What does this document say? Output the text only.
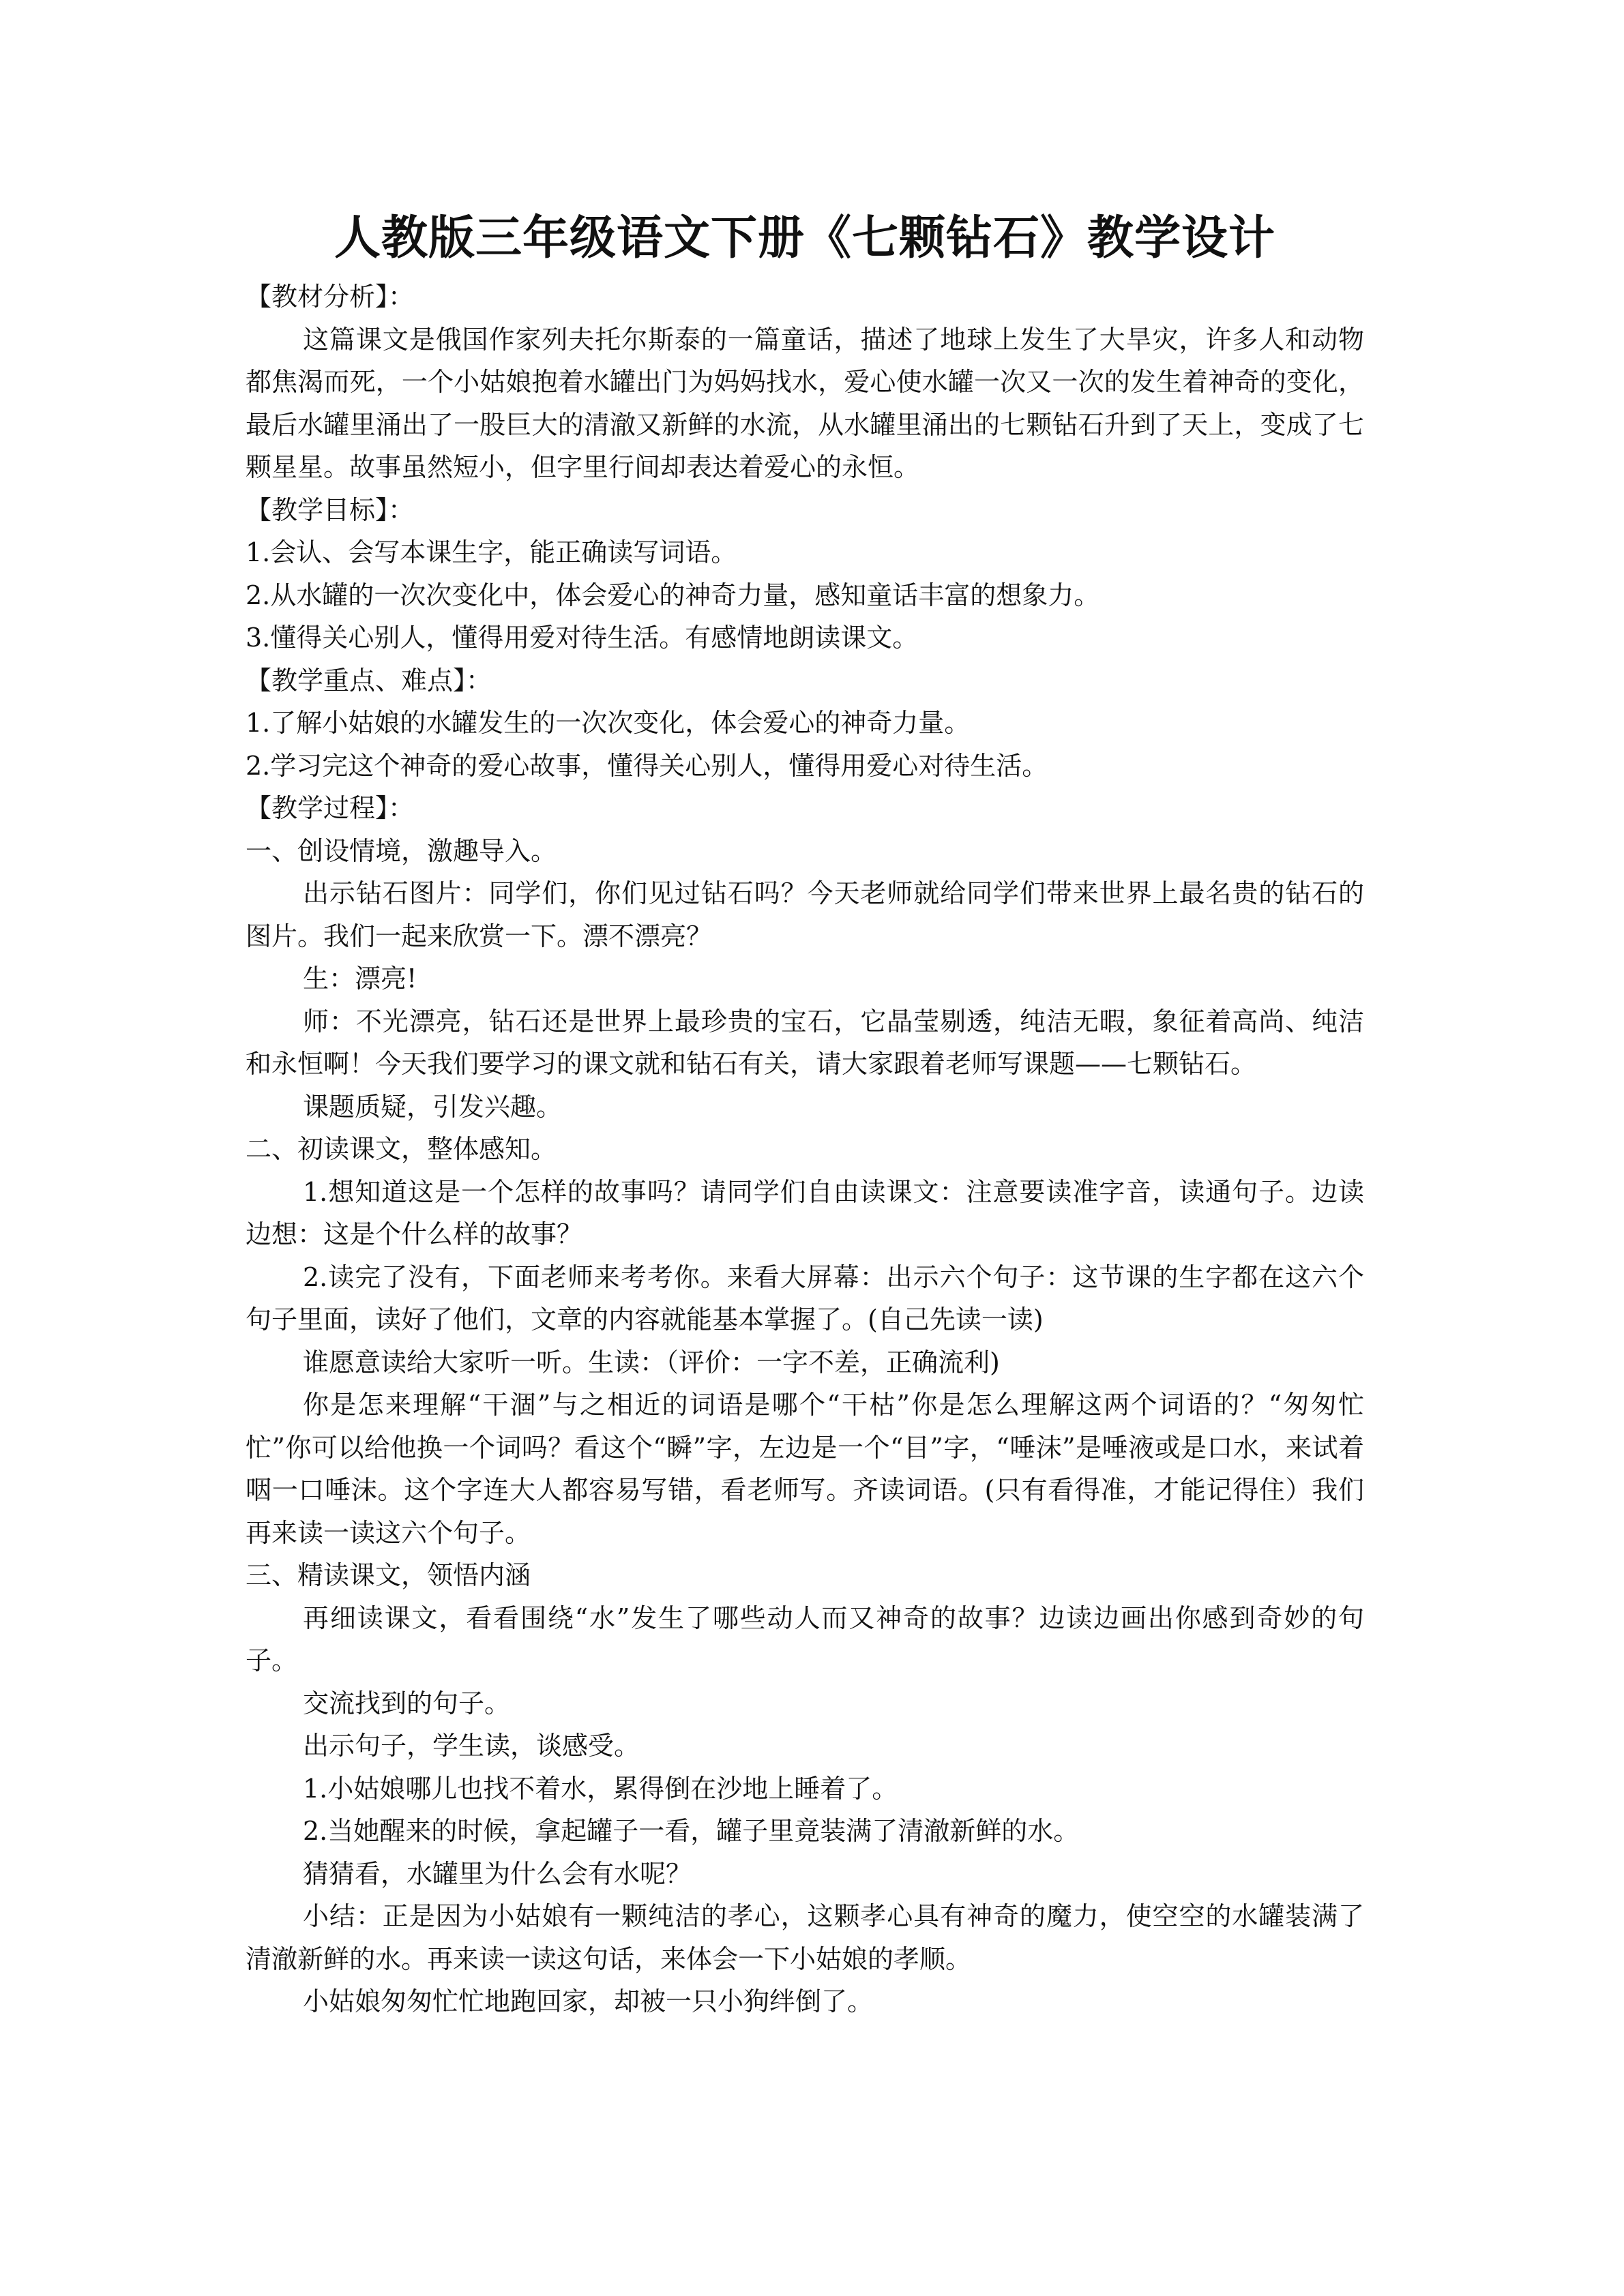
人教版三年级语文下册《七颗钻石》教学设计

【教材分析】：

这篇课文是俄国作家列夫托尔斯泰的一篇童话，描述了地球上发生了大旱灾，许多人和动物都焦渴而死，一个小姑娘抱着水罐出门为妈妈找水，爱心使水罐一次又一次的发生着神奇的变化，最后水罐里涌出了一股巨大的清澈又新鲜的水流，从水罐里涌出的七颗钻石升到了天上，变成了七颗星星。故事虽然短小，但字里行间却表达着爱心的永恒。

【教学目标】：

1.会认、会写本课生字，能正确读写词语。

2.从水罐的一次次变化中，体会爱心的神奇力量，感知童话丰富的想象力。

3.懂得关心别人，懂得用爱对待生活。有感情地朗读课文。

【教学重点、难点】：

1.了解小姑娘的水罐发生的一次次变化，体会爱心的神奇力量。

2.学习完这个神奇的爱心故事，懂得关心别人，懂得用爱心对待生活。

【教学过程】：

一、创设情境，激趣导入。

出示钻石图片：同学们，你们见过钻石吗？今天老师就给同学们带来世界上最名贵的钻石的图片。我们一起来欣赏一下。漂不漂亮？

生：漂亮!

师：不光漂亮，钻石还是世界上最珍贵的宝石，它晶莹剔透，纯洁无暇，象征着高尚、纯洁和永恒啊！今天我们要学习的课文就和钻石有关，请大家跟着老师写课题——七颗钻石。

课题质疑，引发兴趣。

二、初读课文，整体感知。

1.想知道这是一个怎样的故事吗？请同学们自由读课文：注意要读准字音，读通句子。边读边想：这是个什么样的故事？

2.读完了没有，下面老师来考考你。来看大屏幕：出示六个句子：这节课的生字都在这六个句子里面，读好了他们，文章的内容就能基本掌握了。(自己先读一读)

谁愿意读给大家听一听。生读：（评价：一字不差，正确流利)

你是怎来理解“干涸”与之相近的词语是哪个“干枯”你是怎么理解这两个词语的？“匆匆忙忙”你可以给他换一个词吗？看这个“瞬”字，左边是一个“目”字，“唾沫”是唾液或是口水，来试着咽一口唾沫。这个字连大人都容易写错，看老师写。齐读词语。(只有看得准，才能记得住）我们再来读一读这六个句子。

三、精读课文，领悟内涵

再细读课文，看看围绕“水”发生了哪些动人而又神奇的故事？边读边画出你感到奇妙的句子。

交流找到的句子。

出示句子，学生读，谈感受。

1.小姑娘哪儿也找不着水，累得倒在沙地上睡着了。

2.当她醒来的时候，拿起罐子一看，罐子里竟装满了清澈新鲜的水。

猜猜看，水罐里为什么会有水呢？

小结：正是因为小姑娘有一颗纯洁的孝心，这颗孝心具有神奇的魔力，使空空的水罐装满了清澈新鲜的水。再来读一读这句话，来体会一下小姑娘的孝顺。

小姑娘匆匆忙忙地跑回家，却被一只小狗绊倒了。
